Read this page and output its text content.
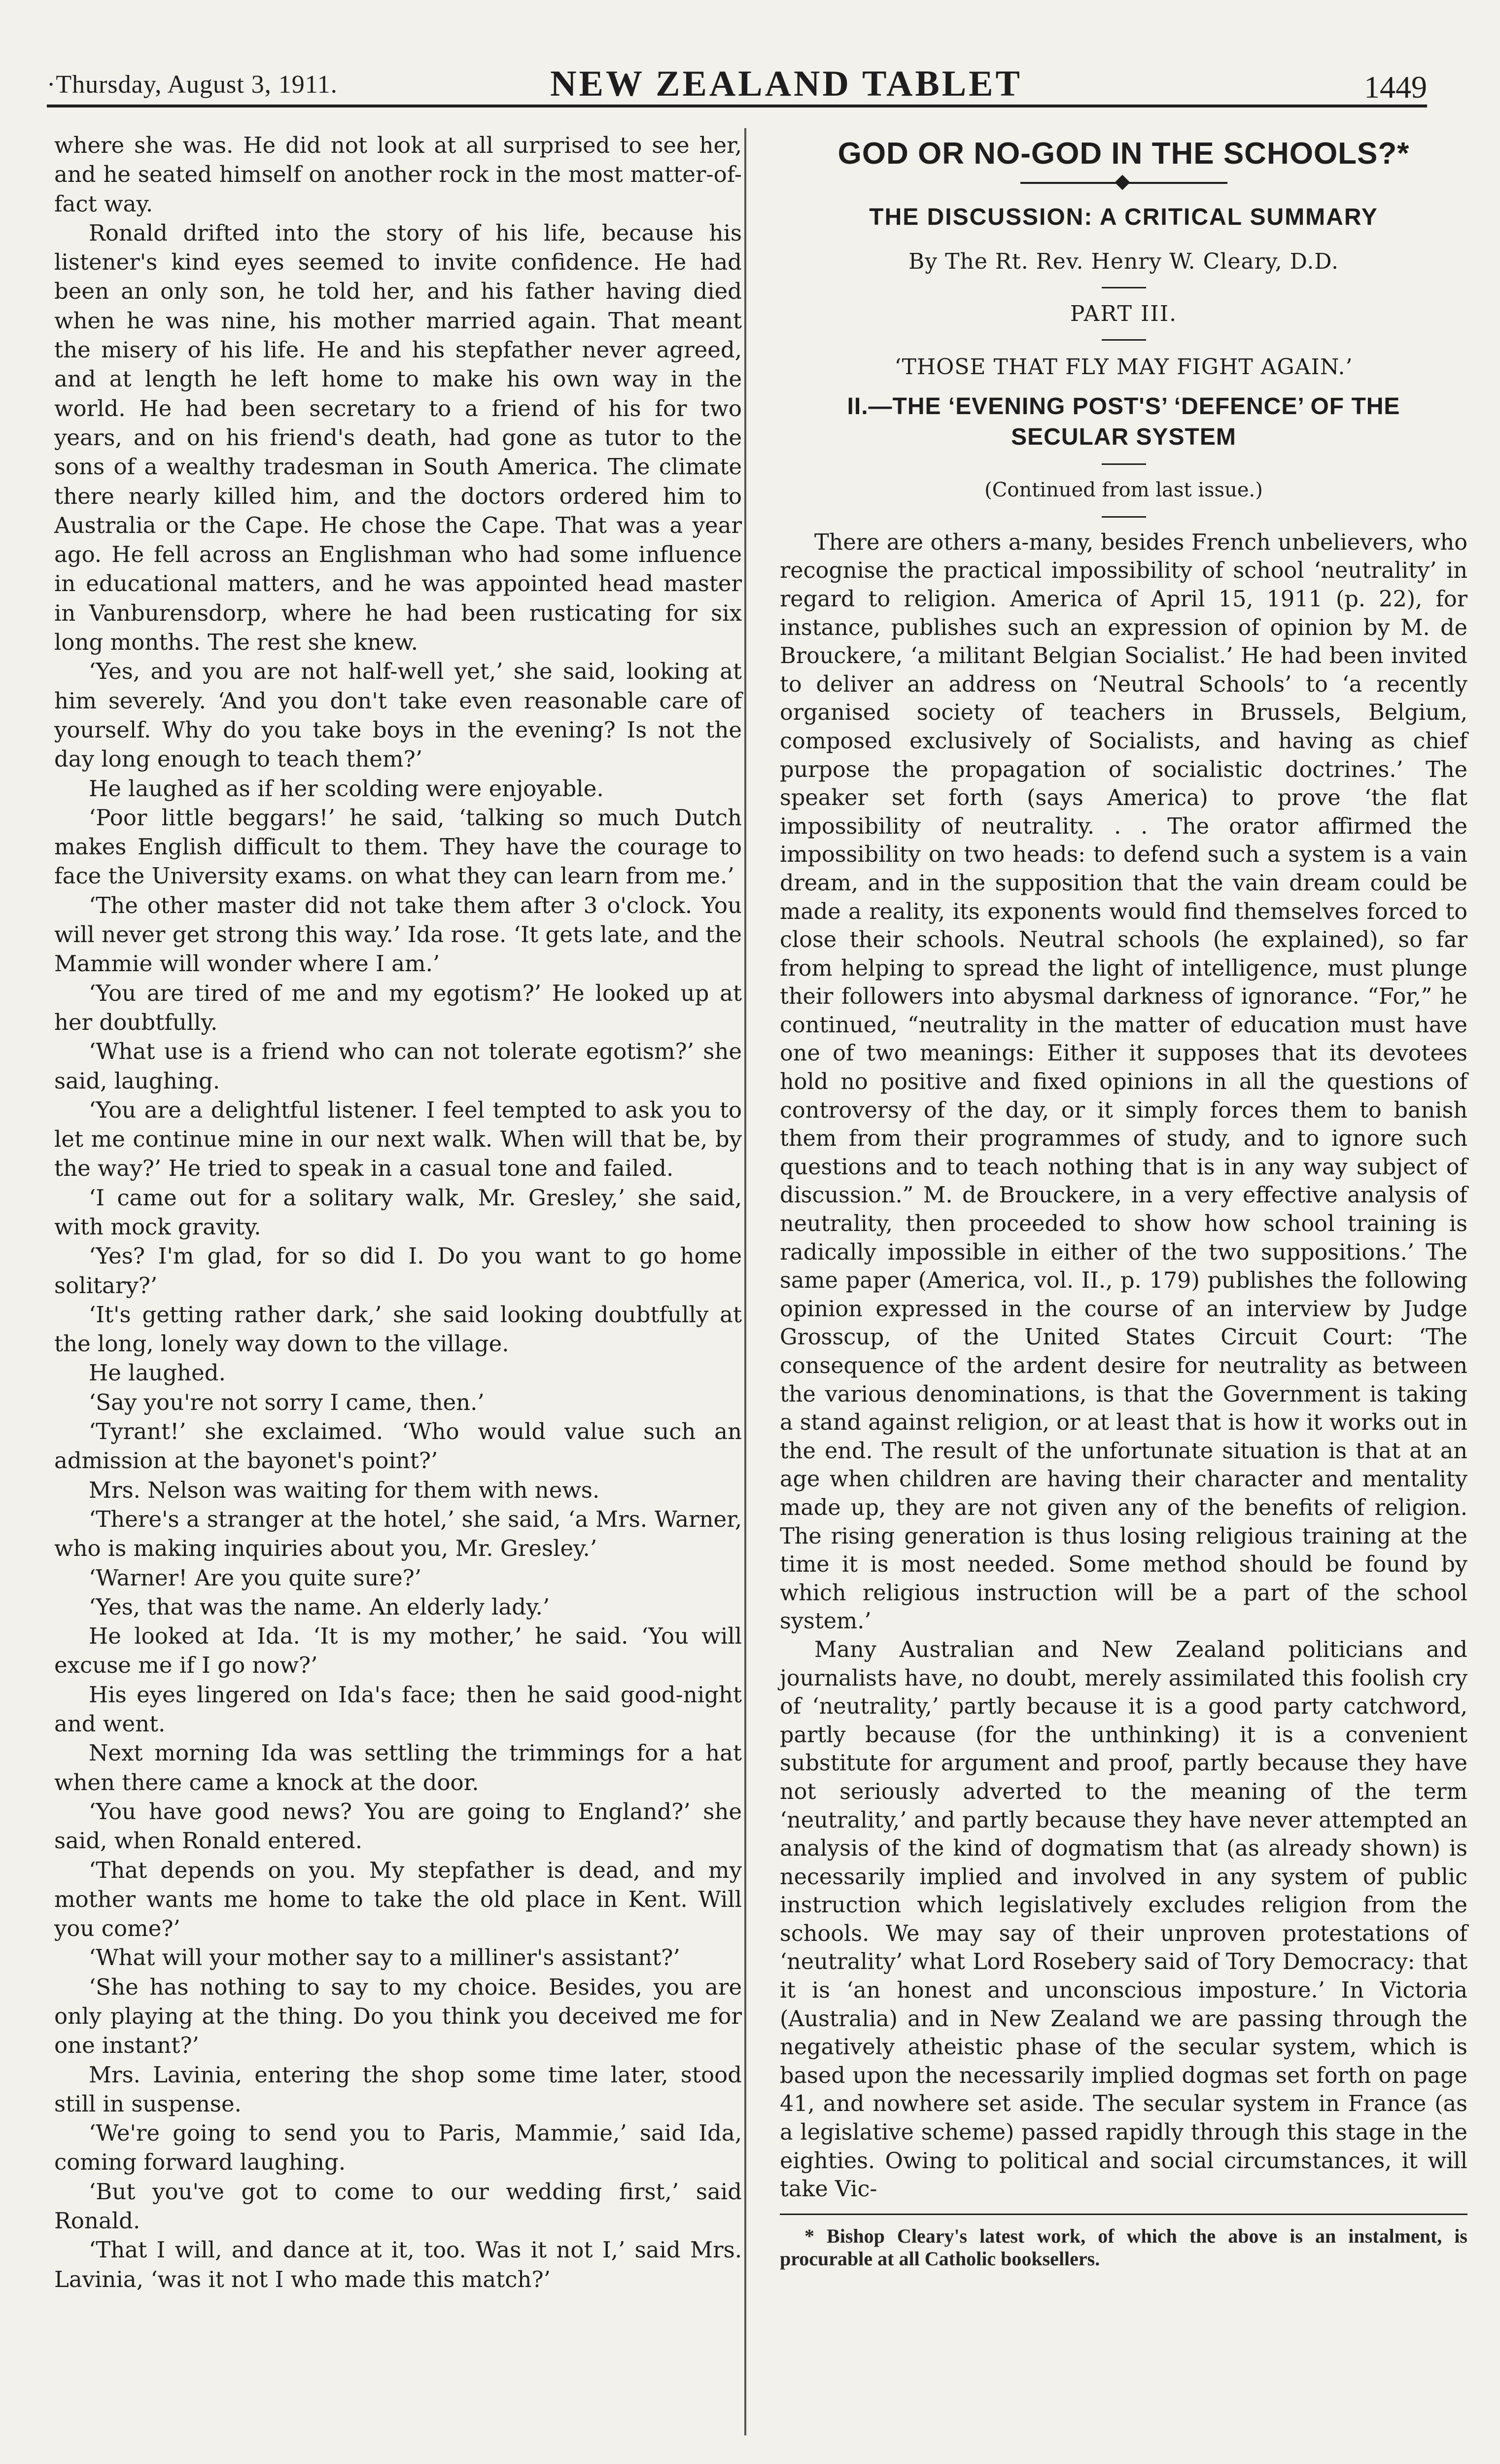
·Thursday, August 3, 1911.	NEW ZEALAND TABLET	1449

where she was. He did not look at all surprised to see her, and he seated himself on another rock in the most matter-of-fact way.

Ronald drifted into the story of his life, because his listener's kind eyes seemed to invite confidence. He had been an only son, he told her, and his father having died when he was nine, his mother married again. That meant the misery of his life. He and his stepfather never agreed, and at length he left home to make his own way in the world. He had been secretary to a friend of his for two years, and on his friend's death, had gone as tutor to the sons of a wealthy tradesman in South America. The climate there nearly killed him, and the doctors ordered him to Australia or the Cape. He chose the Cape. That was a year ago. He fell across an Englishman who had some influence in educational matters, and he was appointed head master in Vanburensdorp, where he had been rusticating for six long months. The rest she knew.

‘Yes, and you are not half-well yet,’ she said, looking at him severely. ‘And you don't take even reasonable care of yourself. Why do you take boys in the evening? Is not the day long enough to teach them?’

He laughed as if her scolding were enjoyable.

‘Poor little beggars!’ he said, ‘talking so much Dutch makes English difficult to them. They have the courage to face the University exams. on what they can learn from me.’

‘The other master did not take them after 3 o'clock. You will never get strong this way.’ Ida rose. ‘It gets late, and the Mammie will wonder where I am.’

‘You are tired of me and my egotism?’ He looked up at her doubtfully.

‘What use is a friend who can not tolerate egotism?’ she said, laughing.

‘You are a delightful listener. I feel tempted to ask you to let me continue mine in our next walk. When will that be, by the way?’ He tried to speak in a casual tone and failed.

‘I came out for a solitary walk, Mr. Gresley,’ she said, with mock gravity.

‘Yes? I'm glad, for so did I. Do you want to go home solitary?’

‘It's getting rather dark,’ she said looking doubtfully at the long, lonely way down to the village.

He laughed.

‘Say you're not sorry I came, then.’

‘Tyrant!’ she exclaimed. ‘Who would value such an admission at the bayonet's point?’

Mrs. Nelson was waiting for them with news.

‘There's a stranger at the hotel,’ she said, ‘a Mrs. Warner, who is making inquiries about you, Mr. Gresley.’

‘Warner! Are you quite sure?’

‘Yes, that was the name. An elderly lady.’

He looked at Ida. ‘It is my mother,’ he said. ‘You will excuse me if I go now?’

His eyes lingered on Ida's face; then he said good-night and went.

Next morning Ida was settling the trimmings for a hat when there came a knock at the door.

‘You have good news? You are going to England?’ she said, when Ronald entered.

‘That depends on you. My stepfather is dead, and my mother wants me home to take the old place in Kent. Will you come?’

‘What will your mother say to a milliner's assistant?’

‘She has nothing to say to my choice. Besides, you are only playing at the thing. Do you think you deceived me for one instant?’

Mrs. Lavinia, entering the shop some time later, stood still in suspense.

‘We're going to send you to Paris, Mammie,’ said Ida, coming forward laughing.

‘But you've got to come to our wedding first,’ said Ronald.

‘That I will, and dance at it, too. Was it not I,’ said Mrs. Lavinia, ‘was it not I who made this match?’

GOD OR NO-GOD IN THE SCHOOLS?*
THE DISCUSSION: A CRITICAL SUMMARY
By The Rt. Rev. Henry W. Cleary, D.D.
PART III.
‘THOSE THAT FLY MAY FIGHT AGAIN.’
II.—THE ‘EVENING POST'S’ ‘DEFENCE’ OF THE SECULAR SYSTEM
(Continued from last issue.)

There are others a-many, besides French unbelievers, who recognise the practical impossibility of school ‘neutrality’ in regard to religion. America of April 15, 1911 (p. 22), for instance, publishes such an expression of opinion by M. de Brouckere, ‘a militant Belgian Socialist.’ He had been invited to deliver an address on ‘Neutral Schools’ to ‘a recently organised society of teachers in Brussels, Belgium, composed exclusively of Socialists, and having as chief purpose the propagation of socialistic doctrines.’ The speaker set forth (says America) to prove ‘the flat impossibility of neutrality. . . The orator affirmed the impossibility on two heads: to defend such a system is a vain dream, and in the supposition that the vain dream could be made a reality, its exponents would find themselves forced to close their schools. Neutral schools (he explained), so far from helping to spread the light of intelligence, must plunge their followers into abysmal darkness of ignorance. “For,” he continued, “neutrality in the matter of education must have one of two meanings: Either it supposes that its devotees hold no positive and fixed opinions in all the questions of controversy of the day, or it simply forces them to banish them from their programmes of study, and to ignore such questions and to teach nothing that is in any way subject of discussion.” M. de Brouckere, in a very effective analysis of neutrality, then proceeded to show how school training is radically impossible in either of the two suppositions.’ The same paper (America, vol. II., p. 179) publishes the following opinion expressed in the course of an interview by Judge Grosscup, of the United States Circuit Court: ‘The consequence of the ardent desire for neutrality as between the various denominations, is that the Government is taking a stand against religion, or at least that is how it works out in the end. The result of the unfortunate situation is that at an age when children are having their character and mentality made up, they are not given any of the benefits of religion. The rising generation is thus losing religious training at the time it is most needed. Some method should be found by which religious instruction will be a part of the school system.’

Many Australian and New Zealand politicians and journalists have, no doubt, merely assimilated this foolish cry of ‘neutrality,’ partly because it is a good party catchword, partly because (for the unthinking) it is a convenient substitute for argument and proof, partly because they have not seriously adverted to the meaning of the term ‘neutrality,’ and partly because they have never attempted an analysis of the kind of dogmatism that (as already shown) is necessarily implied and involved in any system of public instruction which legislatively excludes religion from the schools. We may say of their unproven protestations of ‘neutrality’ what Lord Rosebery said of Tory Democracy: that it is ‘an honest and unconscious imposture.’ In Victoria (Australia) and in New Zealand we are passing through the negatively atheistic phase of the secular system, which is based upon the necessarily implied dogmas set forth on page 41, and nowhere set aside. The secular system in France (as a legislative scheme) passed rapidly through this stage in the eighties. Owing to political and social circumstances, it will take Vic-

* Bishop Cleary's latest work, of which the above is an instalment, is procurable at all Catholic booksellers.
